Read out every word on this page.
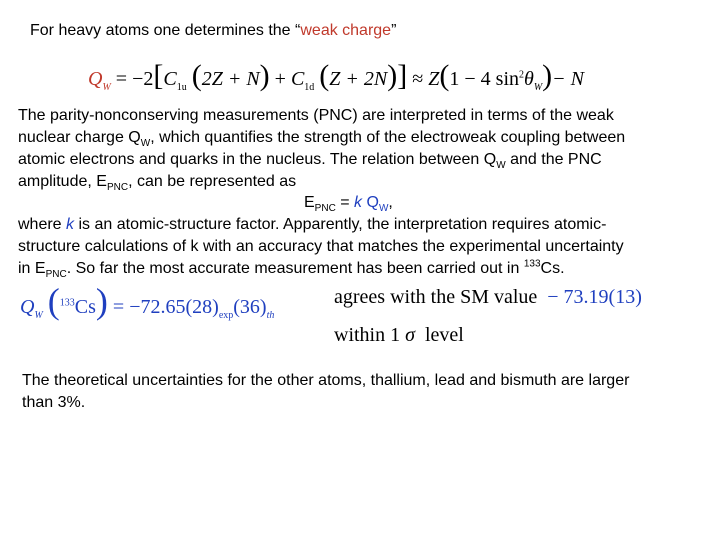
For heavy atoms one determines the “weak charge”
$Q_W = -2[C_{1u}$ $(2Z + N) + C_{1d}$ (Z + 2N)] ≈ Z(1 − 4 $\sin^2\theta_W)- N$
The parity-nonconserving measurements (PNC) are interpreted in terms of the weak
nuclear charge $Q_W$, which quantifies the strength of the electroweak coupling between
atomic electrons and quarks in the nucleus. The relation between $Q_W$ and the PNC
amplitude, $E_{PNC}$, can be represented as
$E_{PNC} = k$ $Q_W$,
where k is an atomic-structure factor. Apparently, the interpretation requires atomic-
structure calculations of k with an accuracy that matches the experimental uncertainty
in $E_{PNC}$. So far the most accurate measurement has been carried out in $^{133}$Cs.
$Q_W$ $(^{133}Cs) = -72.65(28)_{exp}(36)_{th}$
agrees with the SM value − 73.19(13)
within 1 σ level
The theoretical uncertainties for the other atoms, thallium, lead and bismuth are larger
than 3%.
